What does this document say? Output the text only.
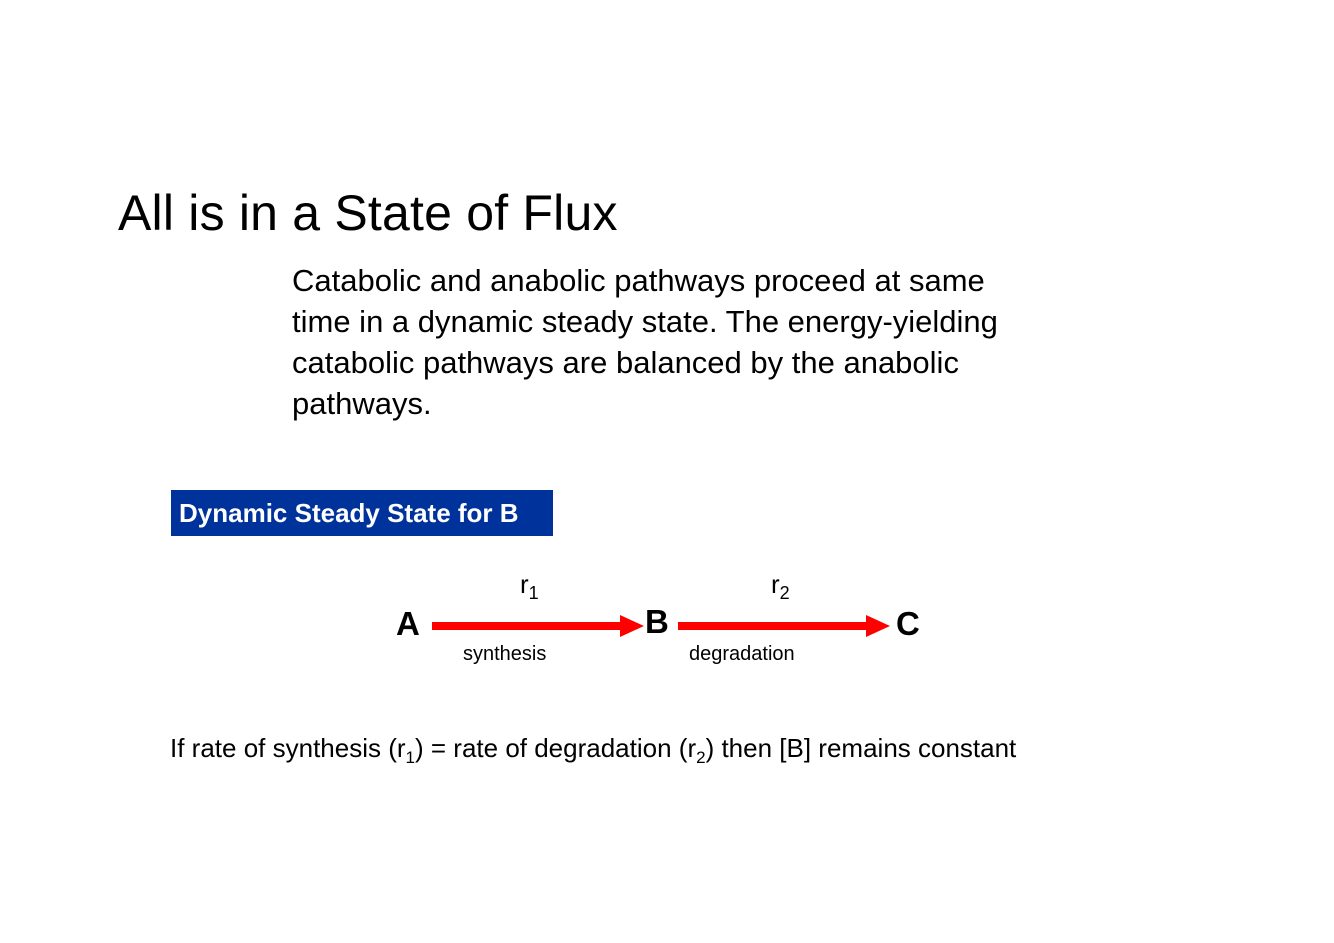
All is in a State of Flux
Catabolic and anabolic pathways proceed at same
time in a dynamic steady state. The energy-yielding
catabolic pathways are balanced by the anabolic
pathways.
Dynamic Steady State for B
A	B	C
$r_1$	$r_2$
synthesis	degradation

If rate of synthesis $(r_1)$ = rate of degradation $(r_2)$ then [B] remains constant
